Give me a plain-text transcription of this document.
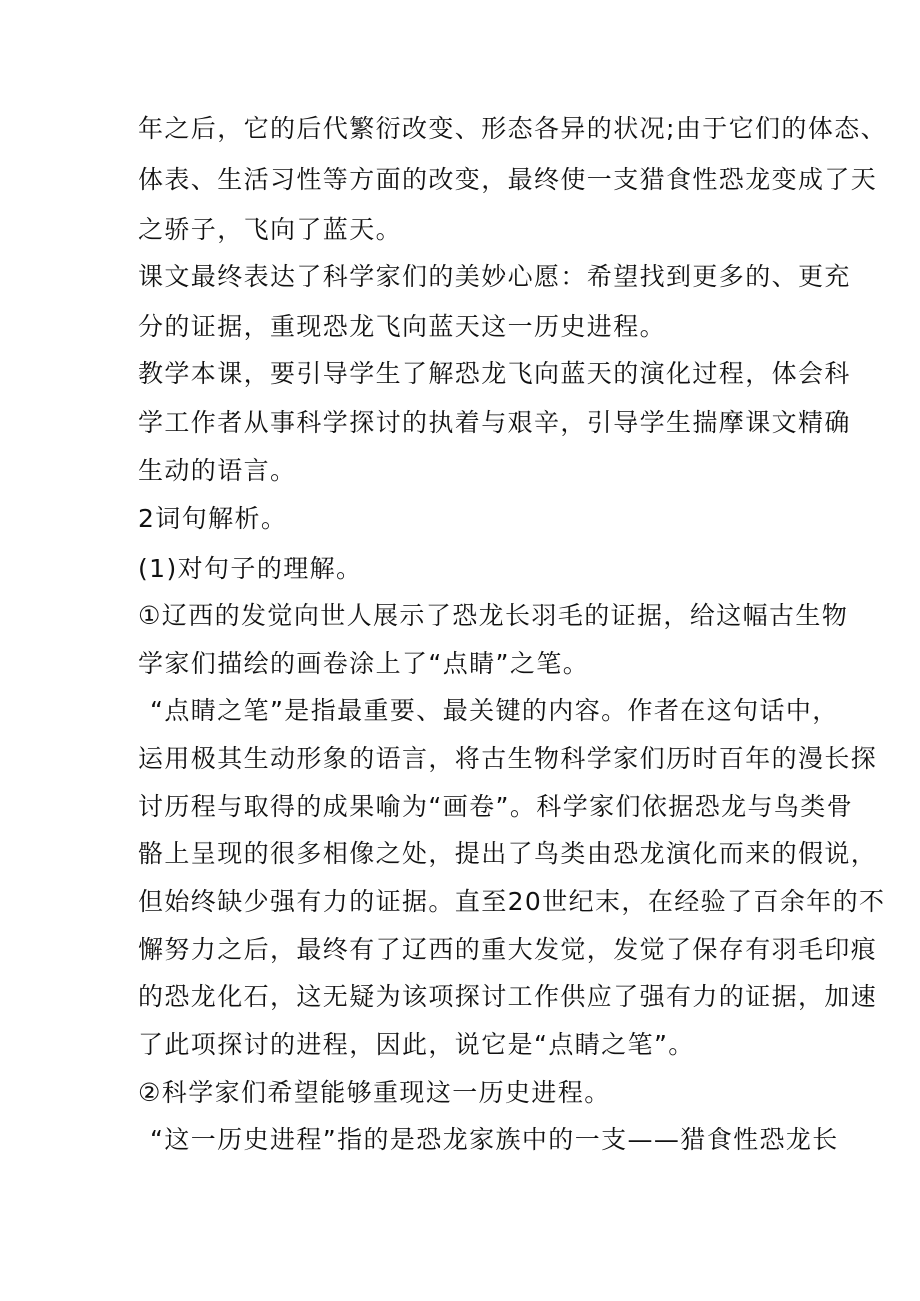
年之后，它的后代繁衍改变、形态各异的状况;由于它们的体态、
体表、生活习性等方面的改变，最终使一支猎食性恐龙变成了天
之骄子，飞向了蓝天。
课文最终表达了科学家们的美妙心愿：希望找到更多的、更充
分的证据，重现恐龙飞向蓝天这一历史进程。
教学本课，要引导学生了解恐龙飞向蓝天的演化过程，体会科
学工作者从事科学探讨的执着与艰辛，引导学生揣摩课文精确
生动的语言。
2词句解析。
(1)对句子的理解。
①辽西的发觉向世人展示了恐龙长羽毛的证据，给这幅古生物
学家们描绘的画卷涂上了“点睛”之笔。
“点睛之笔”是指最重要、最关键的内容。作者在这句话中，
运用极其生动形象的语言，将古生物科学家们历时百年的漫长探
讨历程与取得的成果喻为“画卷”。科学家们依据恐龙与鸟类骨
骼上呈现的很多相像之处，提出了鸟类由恐龙演化而来的假说，
但始终缺少强有力的证据。直至20世纪末，在经验了百余年的不
懈努力之后，最终有了辽西的重大发觉，发觉了保存有羽毛印痕
的恐龙化石，这无疑为该项探讨工作供应了强有力的证据，加速
了此项探讨的进程，因此，说它是“点睛之笔”。
②科学家们希望能够重现这一历史进程。
“这一历史进程”指的是恐龙家族中的一支——猎食性恐龙长
